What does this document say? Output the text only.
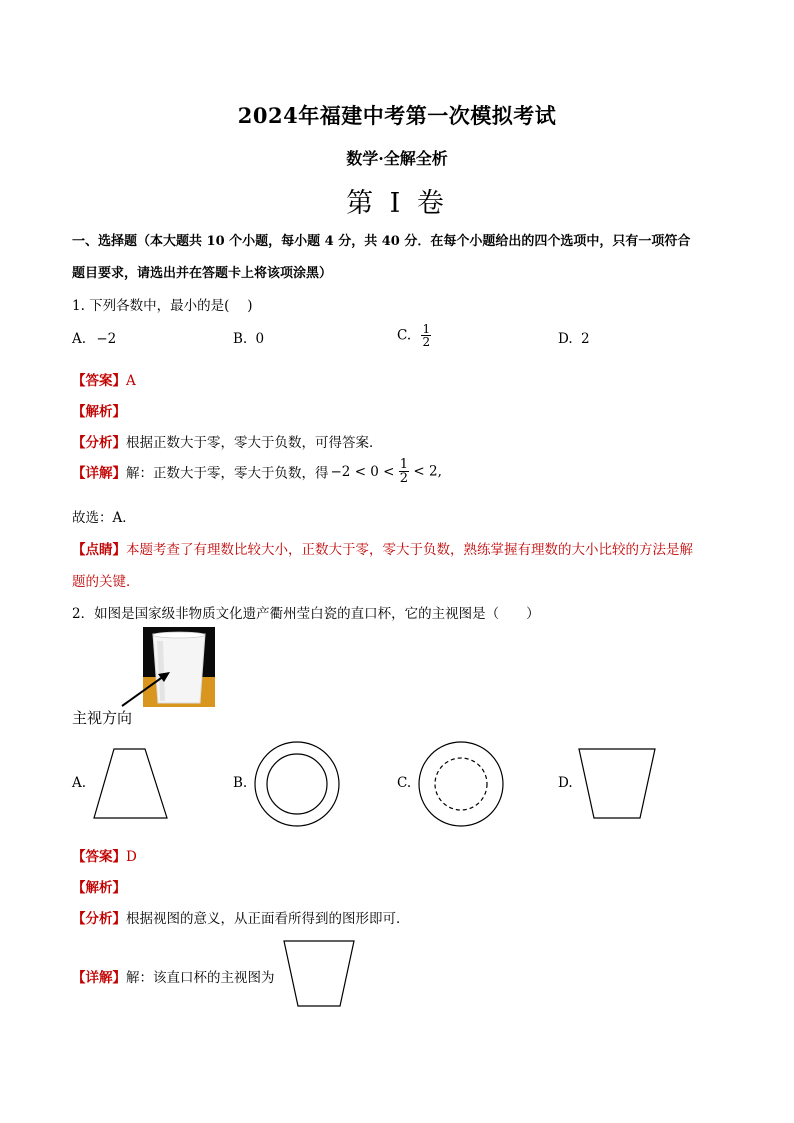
2024年福建中考第一次模拟考试
数学·全解全析
第 I 卷
一、选择题（本大题共 10 个小题，每小题 4 分，共 40 分．在每个小题给出的四个选项中，只有一项符合
题目要求，请选出并在答题卡上将该项涂黑）
1. 下列各数中，最小的是(　 )
A. −2	B. 0	C. $\frac{1}{2}$	D. 2
【答案】A
【解析】
【分析】根据正数大于零，零大于负数，可得答案．
【详解】解：正数大于零，零大于负数，得 $-2 < 0 < \frac{1}{2} < 2$,
故选：A．
【点睛】本题考查了有理数比较大小，正数大于零，零大于负数，熟练掌握有理数的大小比较的方法是解
题的关键．
2．如图是国家级非物质文化遗产衢州莹白瓷的直口杯，它的主视图是（　　）
主视方向
A.	B.	C.	D.
【答案】D
【解析】
【分析】根据视图的意义，从正面看所得到的图形即可．
【详解】解：该直口杯的主视图为
